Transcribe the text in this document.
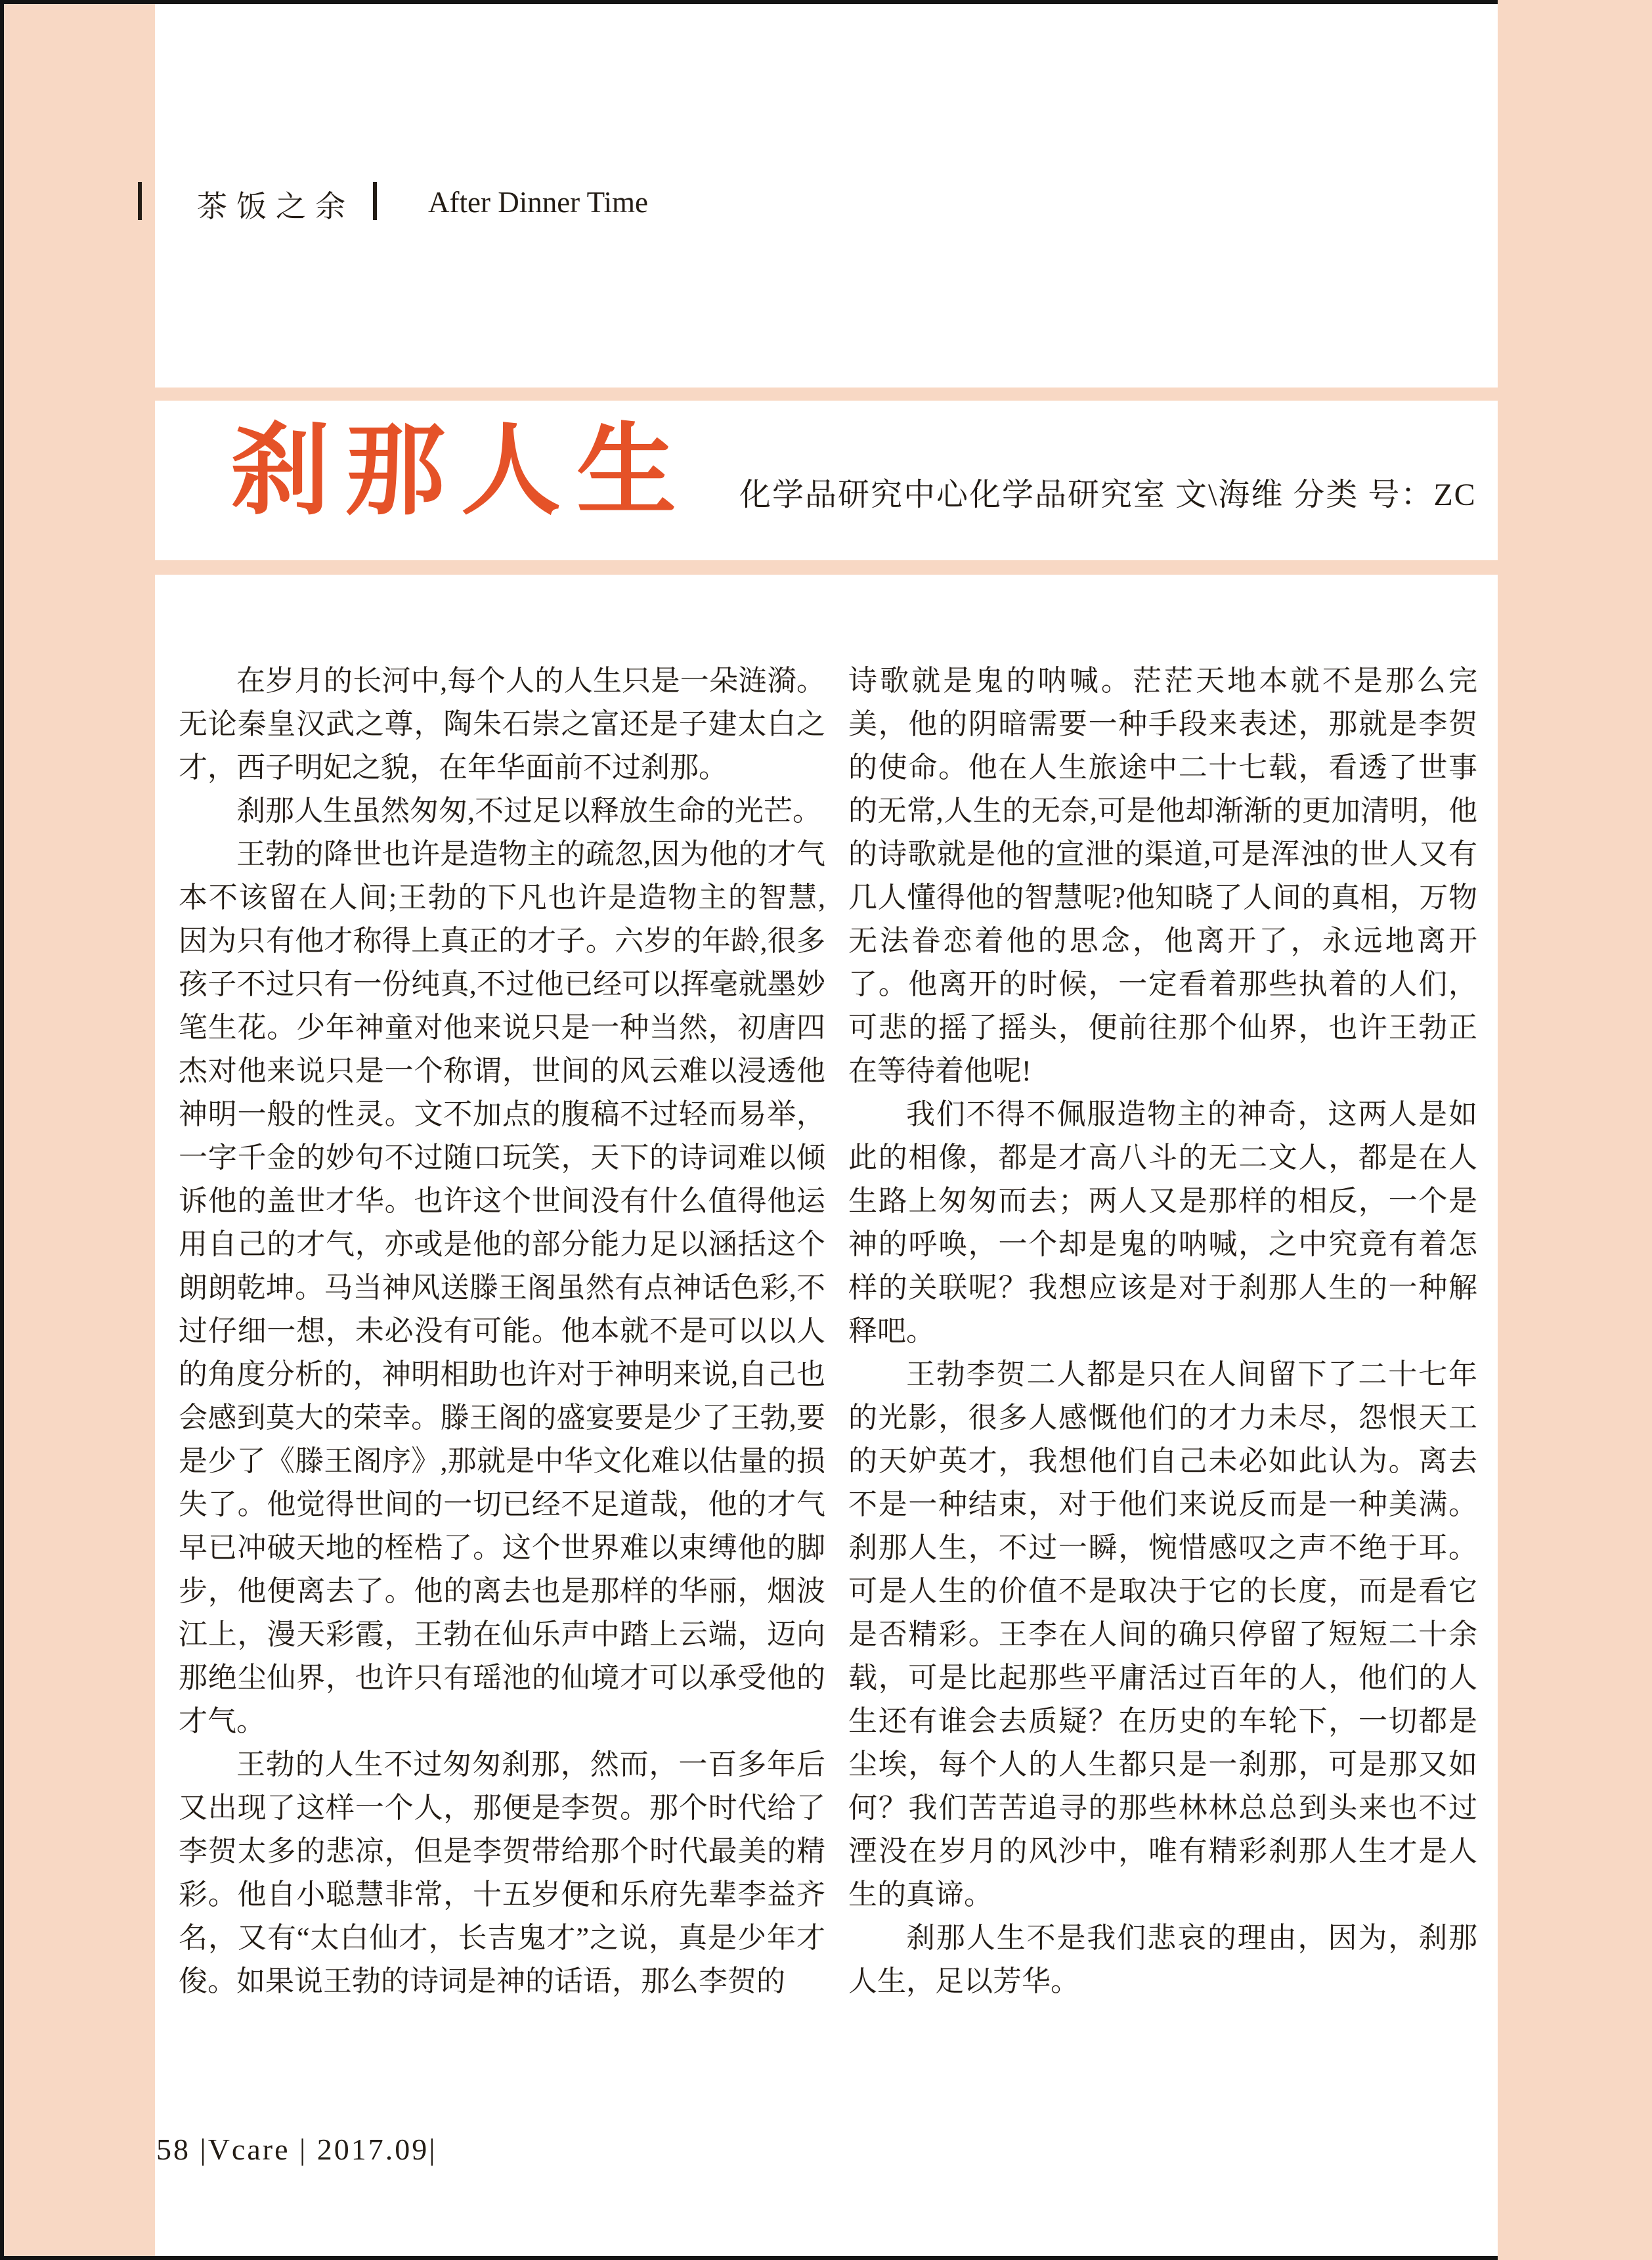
茶饭之余 After Dinner Time
刹那人生 化学品研究中心化学品研究室 文\海维 分类 号：ZC

在岁月的长河中,每个人的人生只是一朵涟漪。无论秦皇汉武之尊，陶朱石崇之富还是子建太白之才，西子明妃之貌，在年华面前不过刹那。

刹那人生虽然匆匆,不过足以释放生命的光芒。

王勃的降世也许是造物主的疏忽,因为他的才气本不该留在人间;王勃的下凡也许是造物主的智慧,因为只有他才称得上真正的才子。六岁的年龄,很多孩子不过只有一份纯真,不过他已经可以挥毫就墨妙笔生花。少年神童对他来说只是一种当然，初唐四杰对他来说只是一个称谓，世间的风云难以浸透他神明一般的性灵。文不加点的腹稿不过轻而易举，一字千金的妙句不过随口玩笑，天下的诗词难以倾诉他的盖世才华。也许这个世间没有什么值得他运用自己的才气，亦或是他的部分能力足以涵括这个朗朗乾坤。马当神风送滕王阁虽然有点神话色彩,不过仔细一想，未必没有可能。他本就不是可以以人的角度分析的，神明相助也许对于神明来说,自己也会感到莫大的荣幸。滕王阁的盛宴要是少了王勃,要是少了《滕王阁序》,那就是中华文化难以估量的损失了。他觉得世间的一切已经不足道哉，他的才气早已冲破天地的桎梏了。这个世界难以束缚他的脚步，他便离去了。他的离去也是那样的华丽，烟波江上，漫天彩霞，王勃在仙乐声中踏上云端，迈向那绝尘仙界，也许只有瑶池的仙境才可以承受他的才气。

王勃的人生不过匆匆刹那，然而，一百多年后又出现了这样一个人，那便是李贺。那个时代给了李贺太多的悲凉，但是李贺带给那个时代最美的精彩。他自小聪慧非常，十五岁便和乐府先辈李益齐名，又有“太白仙才，长吉鬼才”之说，真是少年才俊。如果说王勃的诗词是神的话语，那么李贺的

诗歌就是鬼的呐喊。茫茫天地本就不是那么完美，他的阴暗需要一种手段来表述，那就是李贺的使命。他在人生旅途中二十七载，看透了世事的无常,人生的无奈,可是他却渐渐的更加清明，他的诗歌就是他的宣泄的渠道,可是浑浊的世人又有几人懂得他的智慧呢?他知晓了人间的真相，万物无法眷恋着他的思念，他离开了，永远地离开了。他离开的时候，一定看着那些执着的人们，可悲的摇了摇头，便前往那个仙界，也许王勃正在等待着他呢!

我们不得不佩服造物主的神奇，这两人是如此的相像，都是才高八斗的无二文人，都是在人生路上匆匆而去；两人又是那样的相反，一个是神的呼唤，一个却是鬼的呐喊，之中究竟有着怎样的关联呢？我想应该是对于刹那人生的一种解释吧。

王勃李贺二人都是只在人间留下了二十七年的光影，很多人感慨他们的才力未尽，怨恨天工的天妒英才，我想他们自己未必如此认为。离去不是一种结束，对于他们来说反而是一种美满。刹那人生，不过一瞬，惋惜感叹之声不绝于耳。可是人生的价值不是取决于它的长度，而是看它是否精彩。王李在人间的确只停留了短短二十余载，可是比起那些平庸活过百年的人，他们的人生还有谁会去质疑？在历史的车轮下，一切都是尘埃，每个人的人生都只是一刹那，可是那又如何？我们苦苦追寻的那些林林总总到头来也不过湮没在岁月的风沙中，唯有精彩刹那人生才是人生的真谛。

刹那人生不是我们悲哀的理由，因为，刹那人生，足以芳华。

58 |Vcare | 2017.09|
